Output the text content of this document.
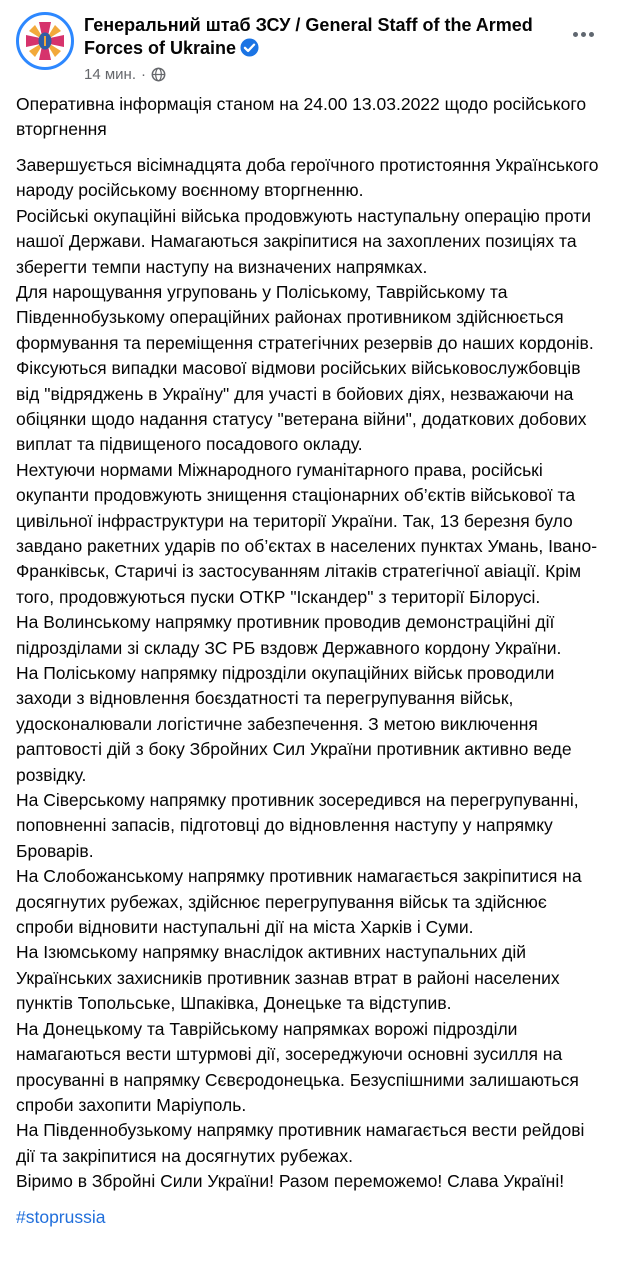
Генеральний штаб ЗСУ / General Staff of the Armed Forces of Ukraine
14 мин. ·

Оперативна інформація станом на 24.00 13.03.2022 щодо російського вторгнення

Завершується вісімнадцята доба героїчного протистояння Українського народу російському воєнному вторгненню.
Російські окупаційні війська продовжують наступальну операцію проти нашої Держави. Намагаються закріпитися на захоплених позиціях та зберегти темпи наступу на визначених напрямках.
Для нарощування угруповань у Поліському, Таврійському та Південнобузькому операційних районах противником здійснюється формування та переміщення стратегічних резервів до наших кордонів.
Фіксуються випадки масової відмови російських військовослужбовців від "відряджень в Україну" для участі в бойових діях, незважаючи на обіцянки щодо надання статусу "ветерана війни", додаткових добових виплат та підвищеного посадового окладу.
Нехтуючи нормами Міжнародного гуманітарного права, російські окупанти продовжують знищення стаціонарних об’єктів військової та цивільної інфраструктури на території України. Так, 13 березня було завдано ракетних ударів по об’єктах в населених пунктах Умань, Івано-Франківськ, Старичі із застосуванням літаків стратегічної авіації. Крім того, продовжуються пуски ОТКР "Іскандер" з території Білорусі.
На Волинському напрямку противник проводив демонстраційні дії підрозділами зі складу ЗС РБ вздовж Державного кордону України.
На Поліському напрямку підрозділи окупаційних військ проводили заходи з відновлення боєздатності та перегрупування військ, удосконалювали логістичне забезпечення. З метою виключення раптовості дій з боку Збройних Сил України противник активно веде розвідку.
На Сіверському напрямку противник зосередився на перегрупуванні, поповненні запасів, підготовці до відновлення наступу у напрямку Броварів.
На Слобожанському напрямку противник намагається закріпитися на досягнутих рубежах, здійснює перегрупування військ та здійснює спроби відновити наступальні дії на міста Харків і Суми.
На Ізюмському напрямку внаслідок активних наступальних дій Українських захисників противник зазнав втрат в районі населених пунктів Топольське, Шпаківка, Донецьке та відступив.
На Донецькому та Таврійському напрямках ворожі підрозділи намагаються вести штурмові дії, зосереджуючи основні зусилля на просуванні в напрямку Сєвєродонецька. Безуспішними залишаються спроби захопити Маріуполь.
На Південнобузькому напрямку противник намагається вести рейдові дії та закріпитися на досягнутих рубежах.
Віримо в Збройні Сили України! Разом переможемо! Слава Україні!

#stoprussia
